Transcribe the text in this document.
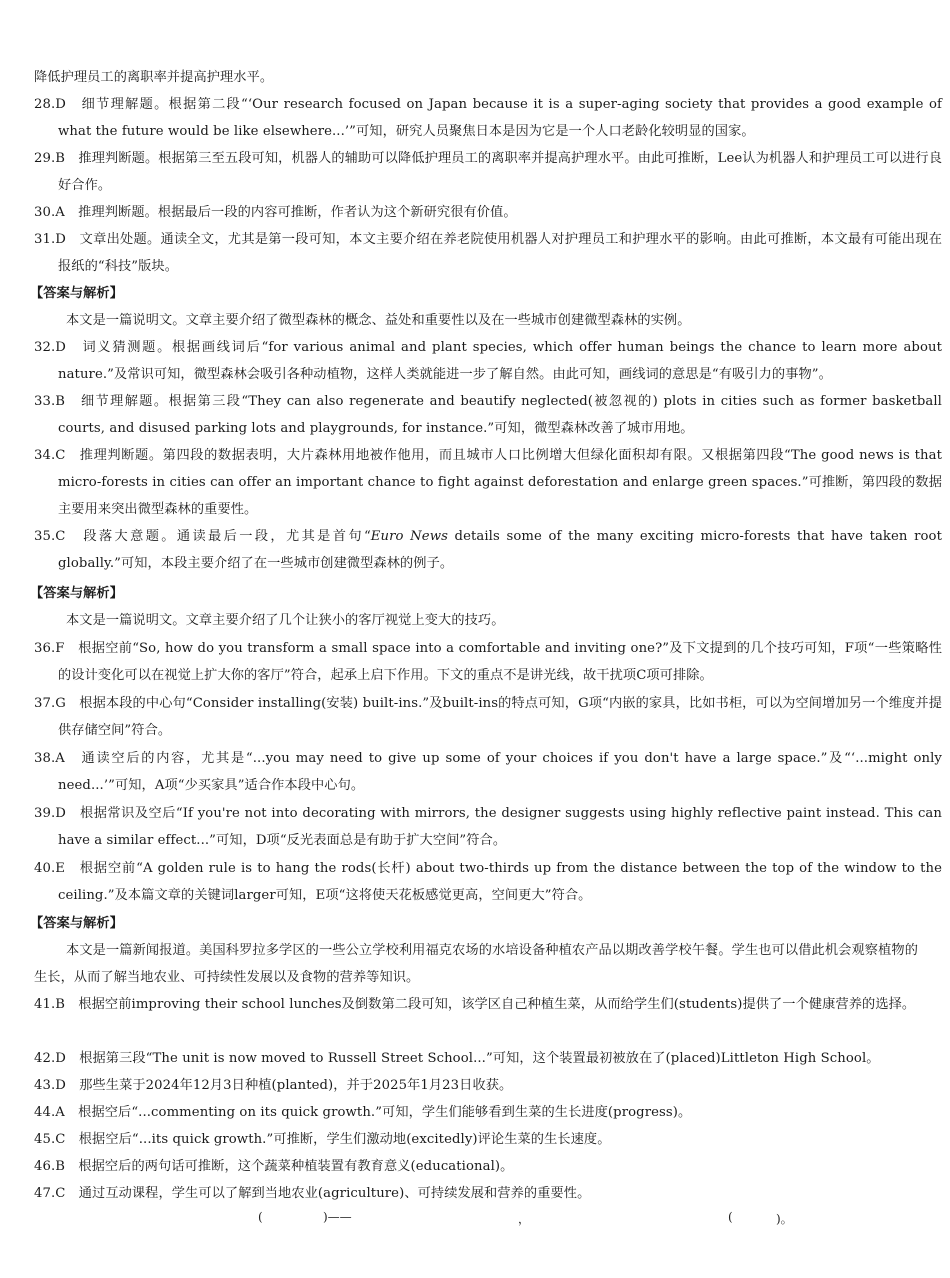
降低护理员工的离职率并提高护理水平。

28.D　细节理解题。根据第二段“‘Our research focused on Japan because it is a super-aging society that provides a good example of what the future would be like elsewhere...’”可知，研究人员聚焦日本是因为它是一个人口老龄化较明显的国家。

29.B　推理判断题。根据第三至五段可知，机器人的辅助可以降低护理员工的离职率并提高护理水平。由此可推断，Lee认为机器人和护理员工可以进行良好合作。

30.A　推理判断题。根据最后一段的内容可推断，作者认为这个新研究很有价值。

31.D　文章出处题。通读全文，尤其是第一段可知，本文主要介绍在养老院使用机器人对护理员工和护理水平的影响。由此可推断，本文最有可能出现在报纸的“科技”版块。

【答案与解析】

本文是一篇说明文。文章主要介绍了微型森林的概念、益处和重要性以及在一些城市创建微型森林的实例。

32.D　词义猜测题。根据画线词后“for various animal and plant species, which offer human beings the chance to learn more about nature.”及常识可知，微型森林会吸引各种动植物，这样人类就能进一步了解自然。由此可知，画线词的意思是“有吸引力的事物”。

33.B　细节理解题。根据第三段“They can also regenerate and beautify neglected(被忽视的) plots in cities such as former basketball courts, and disused parking lots and playgrounds, for instance.”可知，微型森林改善了城市用地。

34.C　推理判断题。第四段的数据表明，大片森林用地被作他用，而且城市人口比例增大但绿化面积却有限。又根据第四段“The good news is that micro-forests in cities can offer an important chance to fight against deforestation and enlarge green spaces.”可推断，第四段的数据主要用来突出微型森林的重要性。

35.C　段落大意题。通读最后一段，尤其是首句“Euro News details some of the many exciting micro-forests that have taken root globally.”可知，本段主要介绍了在一些城市创建微型森林的例子。

【答案与解析】

本文是一篇说明文。文章主要介绍了几个让狭小的客厅视觉上变大的技巧。

36.F　根据空前“So, how do you transform a small space into a comfortable and inviting one?”及下文提到的几个技巧可知，F项“一些策略性的设计变化可以在视觉上扩大你的客厅”符合，起承上启下作用。下文的重点不是讲光线，故干扰项C项可排除。

37.G　根据本段的中心句“Consider installing(安装) built-ins.”及built-ins的特点可知，G项“内嵌的家具，比如书柜，可以为空间增加另一个维度并提供存储空间”符合。

38.A　通读空后的内容，尤其是“...you may need to give up some of your choices if you don't have a large space.”及“‘...might only need...’”可知，A项“少买家具”适合作本段中心句。

39.D　根据常识及空后“If you're not into decorating with mirrors, the designer suggests using highly reflective paint instead. This can have a similar effect...”可知，D项“反光表面总是有助于扩大空间”符合。

40.E　根据空前“A golden rule is to hang the rods(长杆) about two-thirds up from the distance between the top of the window to the ceiling.”及本篇文章的关键词larger可知，E项“这将使天花板感觉更高，空间更大”符合。

【答案与解析】

本文是一篇新闻报道。美国科罗拉多学区的一些公立学校利用福克农场的水培设备种植农产品以期改善学校午餐。学生也可以借此机会观察植物的生长，从而了解当地农业、可持续性发展以及食物的营养等知识。

41.B　根据空前improving their school lunches及倒数第二段可知，该学区自己种植生菜，从而给学生们(students)提供了一个健康营养的选择。

42.D　根据第三段“The unit is now moved to Russell Street School...”可知，这个装置最初被放在了(placed)Littleton High School。

43.D　那些生菜于2024年12月3日种植(planted)，并于2025年1月23日收获。

44.A　根据空后“...commenting on its quick growth.”可知，学生们能够看到生菜的生长进度(progress)。

45.C　根据空后“...its quick growth.”可推断，学生们激动地(excitedly)评论生菜的生长速度。

46.B　根据空后的两句话可推断，这个蔬菜种植装置有教育意义(educational)。

47.C　通过互动课程，学生可以了解到当地农业(agriculture)、可持续发展和营养的重要性。

(	)——	，	(	)。
